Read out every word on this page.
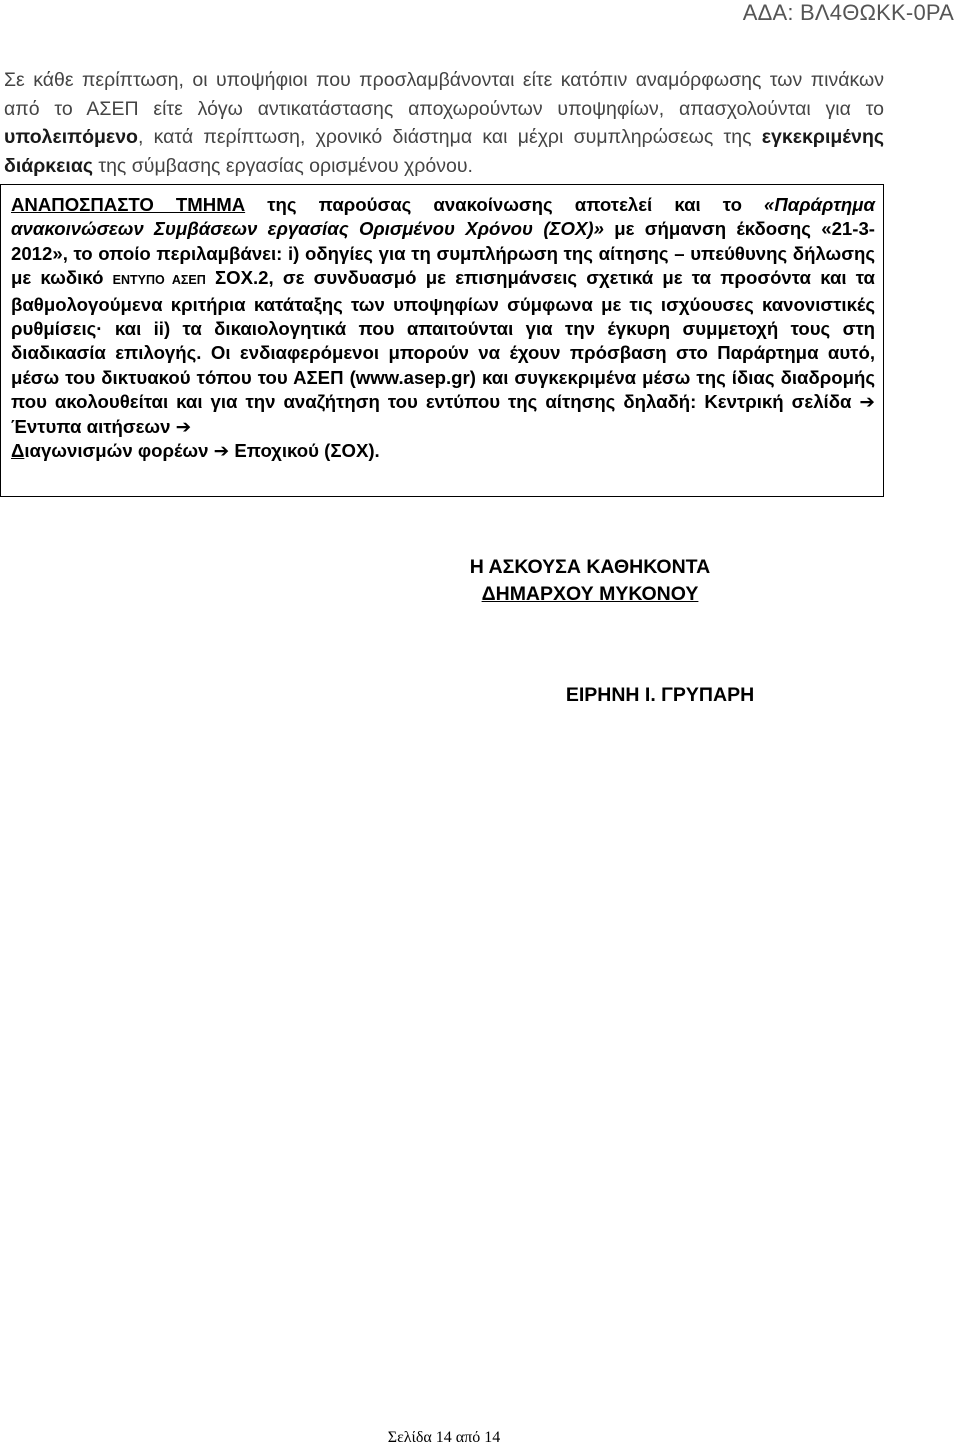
ΑΔΑ: ΒΛ4ΘΩΚΚ-0ΡΑ

Σε κάθε περίπτωση, οι υποψήφιοι που προσλαμβάνονται είτε κατόπιν αναμόρφωσης των πινάκων από το ΑΣΕΠ είτε λόγω αντικατάστασης αποχωρούντων υποψηφίων, απασχολούνται για το υπολειπόμενο, κατά περίπτωση, χρονικό διάστημα και μέχρι συμπληρώσεως της εγκεκριμένης διάρκειας της σύμβασης εργασίας ορισμένου χρόνου.

ΑΝΑΠΟΣΠΑΣΤΟ ΤΜΗΜΑ της παρούσας ανακοίνωσης αποτελεί και το «Παράρτημα ανακοινώσεων Συμβάσεων εργασίας Ορισμένου Χρόνου (ΣΟΧ)» με σήμανση έκδοσης «21-3-2012», το οποίο περιλαμβάνει: i) οδηγίες για τη συμπλήρωση της αίτησης – υπεύθυνης δήλωσης με κωδικό ΕΝΤΥΠΟ ΑΣΕΠ ΣΟΧ.2, σε συνδυασμό με επισημάνσεις σχετικά με τα προσόντα και τα βαθμολογούμενα κριτήρια κατάταξης των υποψηφίων σύμφωνα με τις ισχύουσες κανονιστικές ρυθμίσεις· και ii) τα δικαιολογητικά που απαιτούνται για την έγκυρη συμμετοχή τους στη διαδικασία επιλογής. Οι ενδιαφερόμενοι μπορούν να έχουν πρόσβαση στο Παράρτημα αυτό, μέσω του δικτυακού τόπου του ΑΣΕΠ (www.asep.gr) και συγκεκριμένα μέσω της ίδιας διαδρομής που ακολουθείται και για την αναζήτηση του εντύπου της αίτησης δηλαδή: Κεντρική σελίδα ➔ Έντυπα αιτήσεων ➔
Διαγωνισμών φορέων ➔ Εποχικού (ΣΟΧ).

Η ΑΣΚΟΥΣΑ ΚΑΘΗΚΟΝΤΑ
ΔΗΜΑΡΧΟΥ ΜΥΚΟΝΟΥ
ΕΙΡΗΝΗ Ι. ΓΡΥΠΑΡΗ
Σελίδα 14 από 14
